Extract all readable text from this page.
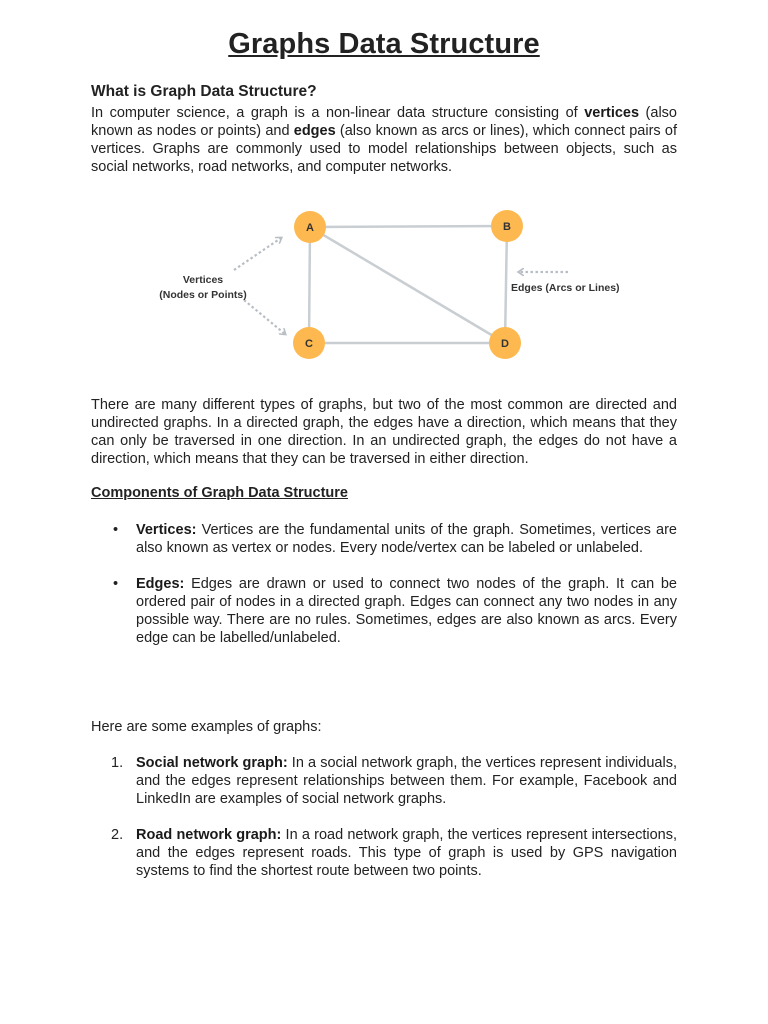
Graphs Data Structure
What is Graph Data Structure?

In computer science, a graph is a non-linear data structure consisting of vertices (also known as nodes or points) and edges (also known as arcs or lines), which connect pairs of vertices. Graphs are commonly used to model relationships between objects, such as social networks, road networks, and computer networks.

A	B
C	D
Vertices
(Nodes or Points)
Edges (Arcs or Lines)

There are many different types of graphs, but two of the most common are directed and undirected graphs. In a directed graph, the edges have a direction, which means that they can only be traversed in one direction. In an undirected graph, the edges do not have a direction, which means that they can be traversed in either direction.

Components of Graph Data Structure
• Vertices: Vertices are the fundamental units of the graph. Sometimes, vertices are also known as vertex or nodes. Every node/vertex can be labeled or unlabeled.
• Edges: Edges are drawn or used to connect two nodes of the graph. It can be ordered pair of nodes in a directed graph. Edges can connect any two nodes in any possible way. There are no rules. Sometimes, edges are also known as arcs. Every edge can be labelled/unlabeled.

Here are some examples of graphs:

1. Social network graph: In a social network graph, the vertices represent individuals, and the edges represent relationships between them. For example, Facebook and LinkedIn are examples of social network graphs.
2. Road network graph: In a road network graph, the vertices represent intersections, and the edges represent roads. This type of graph is used by GPS navigation systems to find the shortest route between two points.
